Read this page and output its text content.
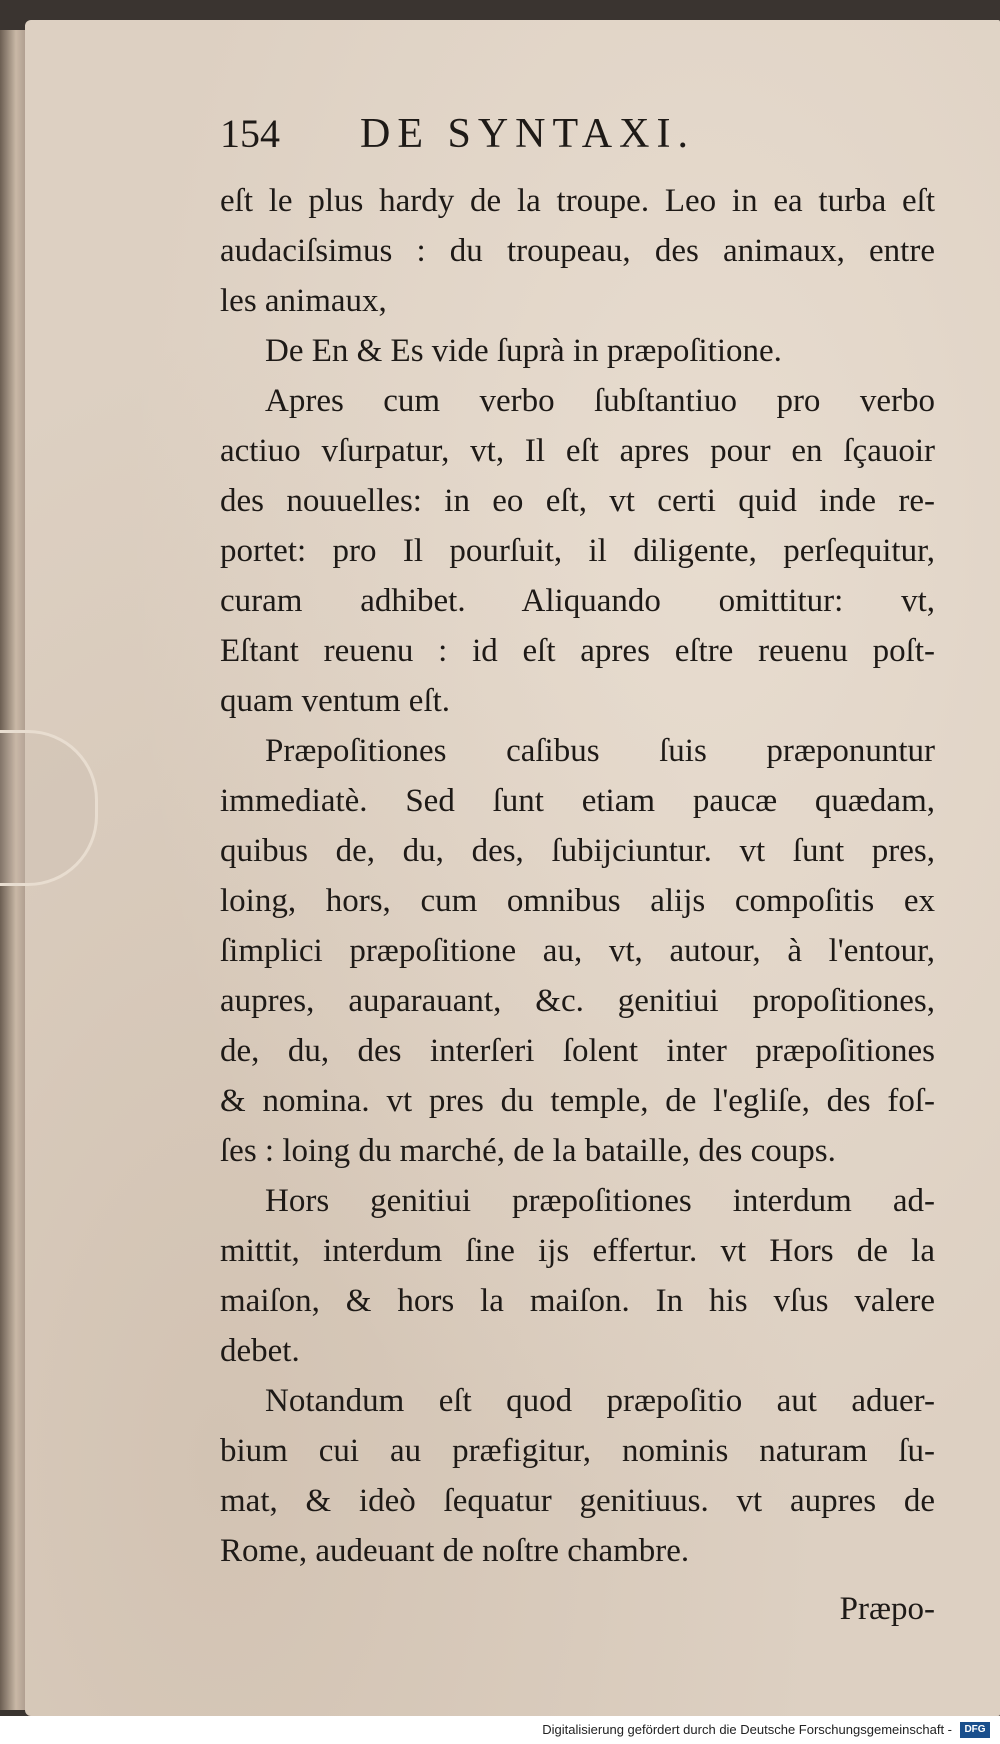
154	DE SYNTAXI.
eſt le plus hardy de la troupe. Leo in ea turba eſt
audaciſsimus : du troupeau, des animaux, entre
les animaux,
De En & Es vide ſuprà in præpoſitione.
Apres cum verbo ſubſtantiuo pro verbo
actiuo vſurpatur, vt, Il eſt apres pour en ſçauoir
des nouuelles: in eo eſt, vt certi quid inde re-
portet: pro Il pourſuit, il diligente, perſequitur,
curam adhibet. Aliquando omittitur: vt,
Eſtant reuenu : id eſt apres eſtre reuenu poſt-
quam ventum eſt.
Præpoſitiones caſibus ſuis præponuntur
immediatè. Sed ſunt etiam paucæ quædam,
quibus de, du, des, ſubijciuntur. vt ſunt pres,
loing, hors, cum omnibus alijs compoſitis ex
ſimplici præpoſitione au, vt, autour, à l'entour,
aupres, auparauant, &c. genitiui propoſitiones,
de, du, des interſeri ſolent inter præpoſitiones
& nomina. vt pres du temple, de l'egliſe, des foſ-
ſes : loing du marché, de la bataille, des coups.
Hors genitiui præpoſitiones interdum ad-
mittit, interdum ſine ijs effertur. vt Hors de la
maiſon, & hors la maiſon. In his vſus valere
debet.
Notandum eſt quod præpoſitio aut aduer-
bium cui au præfigitur, nominis naturam ſu-
mat, & ideò ſequatur genitiuus. vt aupres de
Rome, audeuant de noſtre chambre.
Præpo-
Digitalisierung gefördert durch die Deutsche Forschungsgemeinschaft -	DFG
